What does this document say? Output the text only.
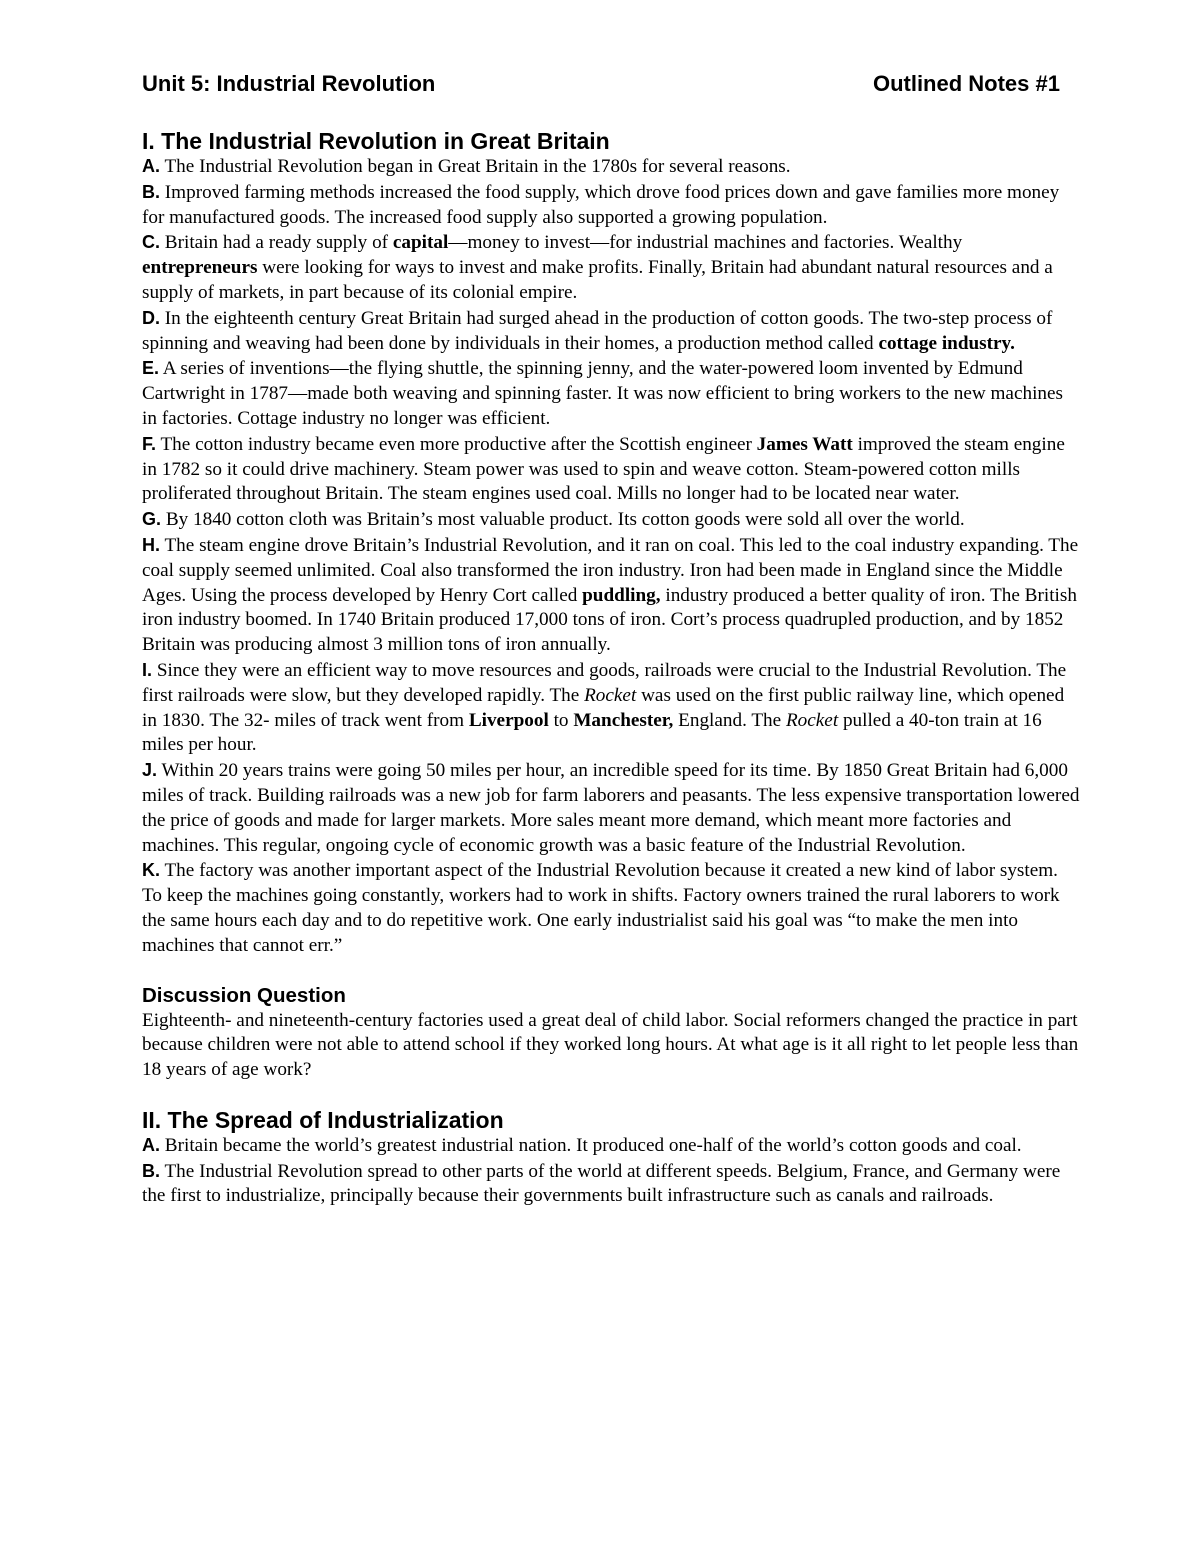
Unit 5: Industrial Revolution	Outlined Notes #1
I. The Industrial Revolution in Great Britain

A. The Industrial Revolution began in Great Britain in the 1780s for several reasons.

B. Improved farming methods increased the food supply, which drove food prices down and gave families more money for manufactured goods. The increased food supply also supported a growing population.

C. Britain had a ready supply of capital—money to invest—for industrial machines and factories. Wealthy entrepreneurs were looking for ways to invest and make profits. Finally, Britain had abundant natural resources and a supply of markets, in part because of its colonial empire.

D. In the eighteenth century Great Britain had surged ahead in the production of cotton goods. The two-step process of spinning and weaving had been done by individuals in their homes, a production method called cottage industry.

E. A series of inventions—the flying shuttle, the spinning jenny, and the water-powered loom invented by Edmund Cartwright in 1787—made both weaving and spinning faster. It was now efficient to bring workers to the new machines in factories. Cottage industry no longer was efficient.

F. The cotton industry became even more productive after the Scottish engineer James Watt improved the steam engine in 1782 so it could drive machinery. Steam power was used to spin and weave cotton. Steam-powered cotton mills proliferated throughout Britain. The steam engines used coal. Mills no longer had to be located near water.

G. By 1840 cotton cloth was Britain’s most valuable product. Its cotton goods were sold all over the world.

H. The steam engine drove Britain’s Industrial Revolution, and it ran on coal. This led to the coal industry expanding. The coal supply seemed unlimited. Coal also transformed the iron industry. Iron had been made in England since the Middle Ages. Using the process developed by Henry Cort called puddling, industry produced a better quality of iron. The British iron industry boomed. In 1740 Britain produced 17,000 tons of iron. Cort’s process quadrupled production, and by 1852 Britain was producing almost 3 million tons of iron annually.

I. Since they were an efficient way to move resources and goods, railroads were crucial to the Industrial Revolution. The first railroads were slow, but they developed rapidly. The Rocket was used on the first public railway line, which opened in 1830. The 32- miles of track went from Liverpool to Manchester, England. The Rocket pulled a 40-ton train at 16 miles per hour.

J. Within 20 years trains were going 50 miles per hour, an incredible speed for its time. By 1850 Great Britain had 6,000 miles of track. Building railroads was a new job for farm laborers and peasants. The less expensive transportation lowered the price of goods and made for larger markets. More sales meant more demand, which meant more factories and machines. This regular, ongoing cycle of economic growth was a basic feature of the Industrial Revolution.

K. The factory was another important aspect of the Industrial Revolution because it created a new kind of labor system. To keep the machines going constantly, workers had to work in shifts. Factory owners trained the rural laborers to work the same hours each day and to do repetitive work. One early industrialist said his goal was “to make the men into machines that cannot err.”

Discussion Question

Eighteenth- and nineteenth-century factories used a great deal of child labor. Social reformers changed the practice in part because children were not able to attend school if they worked long hours. At what age is it all right to let people less than 18 years of age work?

II. The Spread of Industrialization

A. Britain became the world’s greatest industrial nation. It produced one-half of the world’s cotton goods and coal.

B. The Industrial Revolution spread to other parts of the world at different speeds. Belgium, France, and Germany were the first to industrialize, principally because their governments built infrastructure such as canals and railroads.
